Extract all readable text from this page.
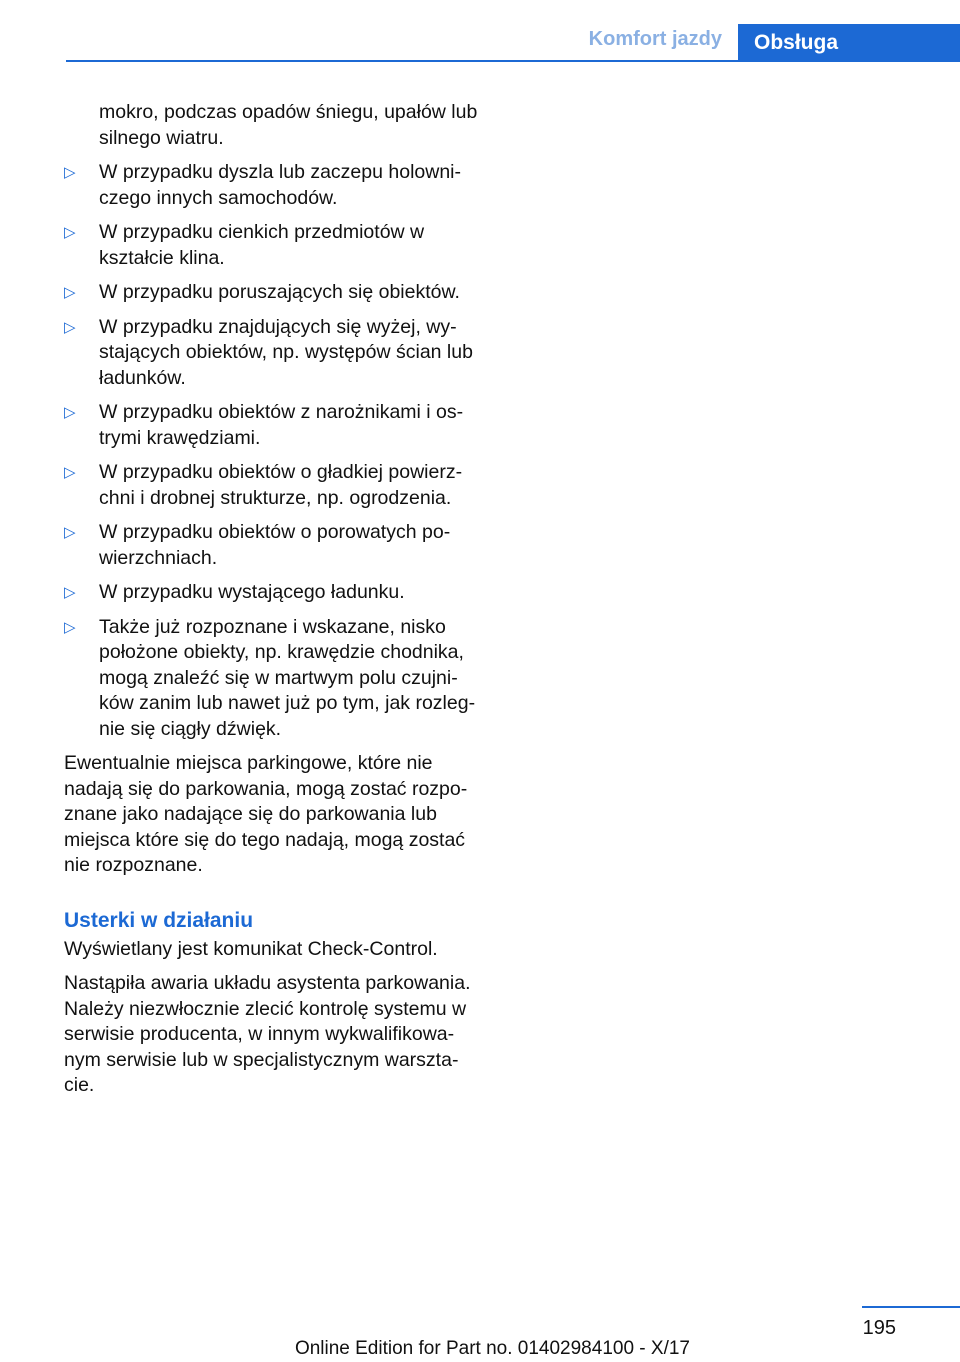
Komfort jazdy	Obsługa

mokro, podczas opadów śniegu, upałów lub silnego wiatru.

▷ W przypadku dyszla lub zaczepu holowniczego innych samochodów.
▷ W przypadku cienkich przedmiotów w kształcie klina.
▷ W przypadku poruszających się obiektów.
▷ W przypadku znajdujących się wyżej, wystających obiektów, np. występów ścian lub ładunków.
▷ W przypadku obiektów z narożnikami i ostrymi krawędziami.
▷ W przypadku obiektów o gładkiej powierzchni i drobnej strukturze, np. ogrodzenia.
▷ W przypadku obiektów o porowatych powierzchniach.
▷ W przypadku wystającego ładunku.
▷ Także już rozpoznane i wskazane, nisko położone obiekty, np. krawędzie chodnika, mogą znaleźć się w martwym polu czujników zanim lub nawet już po tym, jak rozlegnie się ciągły dźwięk.

Ewentualnie miejsca parkingowe, które nie nadają się do parkowania, mogą zostać rozpoznane jako nadające się do parkowania lub miejsca które się do tego nadają, mogą zostać nie rozpoznane.

Usterki w działaniu

Wyświetlany jest komunikat Check-Control.

Nastąpiła awaria układu asystenta parkowania. Należy niezwłocznie zlecić kontrolę systemu w serwisie producenta, w innym wykwalifikowanym serwisie lub w specjalistycznym warsztacie.

195
Online Edition for Part no. 01402984100 - X/17
